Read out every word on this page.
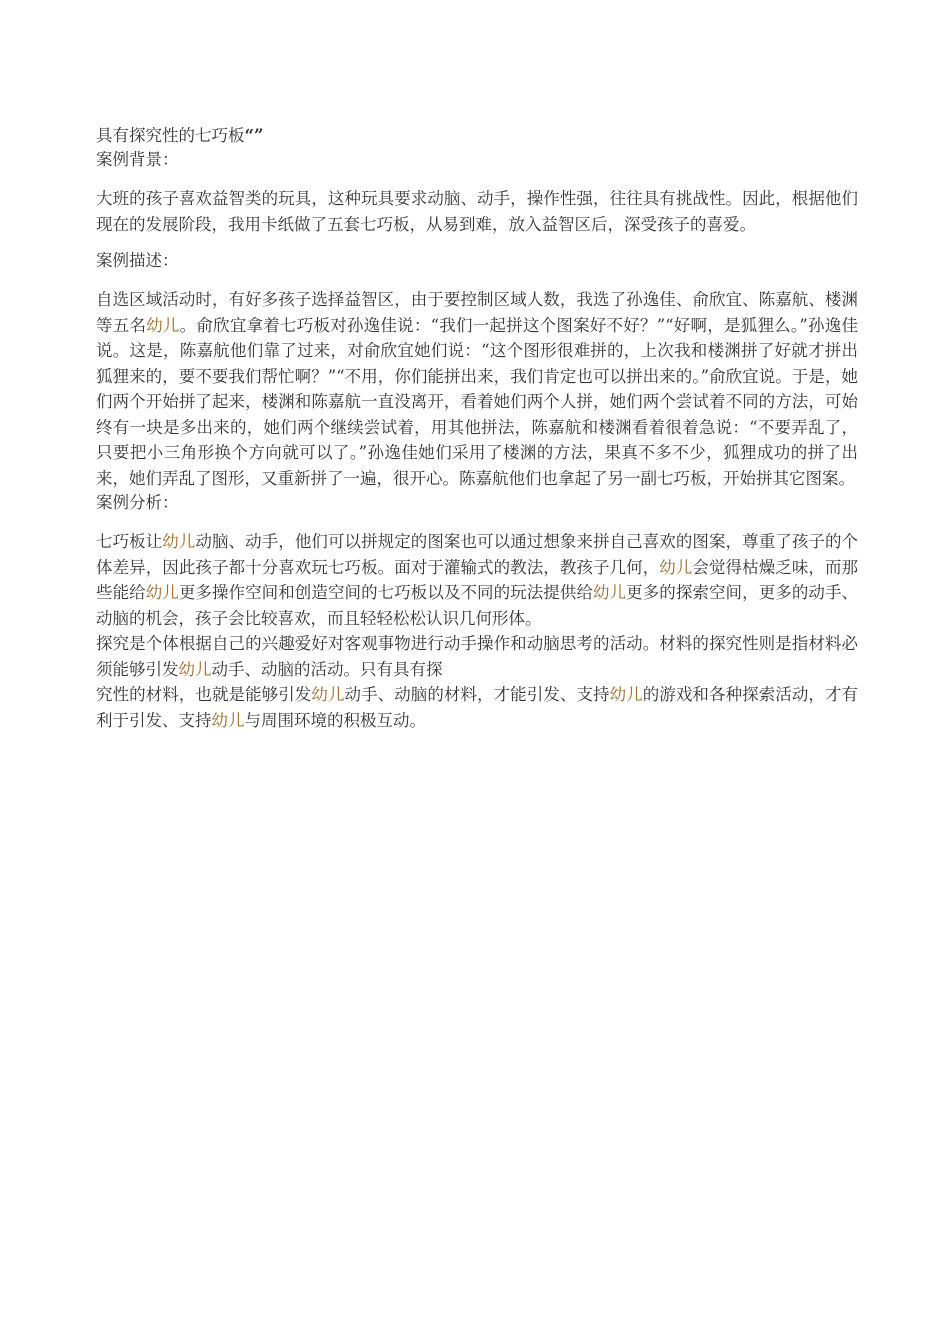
具有探究性的七巧板“”

案例背景：

大班的孩子喜欢益智类的玩具，这种玩具要求动脑、动手，操作性强，往往具有挑战性。因此，根据他们现在的发展阶段，我用卡纸做了五套七巧板，从易到难，放入益智区后，深受孩子的喜爱。

案例描述：

自选区域活动时，有好多孩子选择益智区，由于要控制区域人数，我选了孙逸佳、俞欣宜、陈嘉航、楼渊等五名幼儿。俞欣宜拿着七巧板对孙逸佳说：“我们一起拼这个图案好不好？”“好啊，是狐狸么。”孙逸佳说。这是，陈嘉航他们靠了过来，对俞欣宜她们说：“这个图形很难拼的，上次我和楼渊拼了好就才拼出狐狸来的，要不要我们帮忙啊？”“不用，你们能拼出来，我们肯定也可以拼出来的。”俞欣宜说。于是，她们两个开始拼了起来，楼渊和陈嘉航一直没离开，看着她们两个人拼，她们两个尝试着不同的方法，可始终有一块是多出来的，她们两个继续尝试着，用其他拼法，陈嘉航和楼渊看着很着急说：“不要弄乱了，只要把小三角形换个方向就可以了。”孙逸佳她们采用了楼渊的方法，果真不多不少，狐狸成功的拼了出来，她们弄乱了图形，又重新拼了一遍，很开心。陈嘉航他们也拿起了另一副七巧板，开始拼其它图案。

案例分析：

七巧板让幼儿动脑、动手，他们可以拼规定的图案也可以通过想象来拼自己喜欢的图案，尊重了孩子的个体差异，因此孩子都十分喜欢玩七巧板。面对于灌输式的教法，教孩子几何，幼儿会觉得枯燥乏味，而那些能给幼儿更多操作空间和创造空间的七巧板以及不同的玩法提供给幼儿更多的探索空间，更多的动手、动脑的机会，孩子会比较喜欢，而且轻轻松松认识几何形体。

探究是个体根据自己的兴趣爱好对客观事物进行动手操作和动脑思考的活动。材料的探究性则是指材料必须能够引发幼儿动手、动脑的活动。只有具有探

究性的材料，也就是能够引发幼儿动手、动脑的材料，才能引发、支持幼儿的游戏和各种探索活动，才有利于引发、支持幼儿与周围环境的积极互动。
